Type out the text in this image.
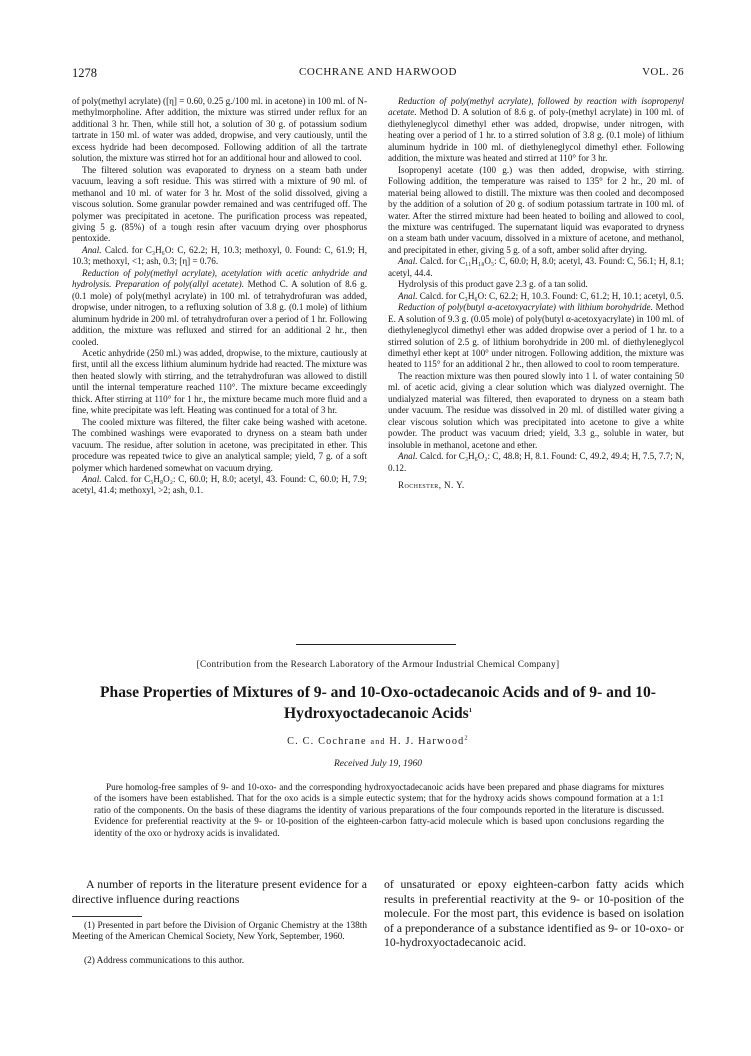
1278	COCHRANE AND HARWOOD	VOL. 26

of poly(methyl acrylate) ([η] = 0.60, 0.25 g./100 ml. in acetone) in 100 ml. of N-methylmorpholine. After addition, the mixture was stirred under reflux for an additional 3 hr. Then, while still hot, a solution of 30 g. of potassium sodium tartrate in 150 ml. of water was added, dropwise, and very cautiously, until the excess hydride had been decomposed. Following addition of all the tartrate solution, the mixture was stirred hot for an additional hour and allowed to cool.

The filtered solution was evaporated to dryness on a steam bath under vacuum, leaving a soft residue. This was stirred with a mixture of 90 ml. of methanol and 10 ml. of water for 3 hr. Most of the solid dissolved, giving a viscous solution. Some granular powder remained and was centrifuged off. The polymer was precipitated in acetone. The purification process was repeated, giving 5 g. (85%) of a tough resin after vacuum drying over phosphorus pentoxide.

Anal. Calcd. for C₃H₆O: C, 62.2; H, 10.3; methoxyl, 0. Found: C, 61.9; H, 10.3; methoxyl, <1; ash, 0.3; [η] = 0.76.

Reduction of poly(methyl acrylate), acetylation with acetic anhydride and hydrolysis. Preparation of poly(allyl acetate). Method C. A solution of 8.6 g. (0.1 mole) of poly(methyl acrylate) in 100 ml. of tetrahydrofuran was added, dropwise, under nitrogen, to a refluxing solution of 3.8 g. (0.1 mole) of lithium aluminum hydride in 200 ml. of tetrahydrofuran over a period of 1 hr. Following addition, the mixture was refluxed and stirred for an additional 2 hr., then cooled.

Acetic anhydride (250 ml.) was added, dropwise, to the mixture, cautiously at first, until all the excess lithium aluminum hydride had reacted. The mixture was then heated slowly with stirring, and the tetrahydrofuran was allowed to distill until the internal temperature reached 110°. The mixture became exceedingly thick. After stirring at 110° for 1 hr., the mixture became much more fluid and a fine, white precipitate was left. Heating was continued for a total of 3 hr.

The cooled mixture was filtered, the filter cake being washed with acetone. The combined washings were evaporated to dryness on a steam bath under vacuum. The residue, after solution in acetone, was precipitated in ether. This procedure was repeated twice to give an analytical sample; yield, 7 g. of a soft polymer which hardened somewhat on vacuum drying.

Anal. Calcd. for C₅H₈O₂: C, 60.0; H, 8.0; acetyl, 43. Found: C, 60.0; H, 7.9; acetyl, 41.4; methoxyl, >2; ash, 0.1.

Reduction of poly(methyl acrylate), followed by reaction with isopropenyl acetate. Method D. A solution of 8.6 g. of poly-(methyl acrylate) in 100 ml. of diethyleneglycol dimethyl ether was added, dropwise, under nitrogen, with heating over a period of 1 hr. to a stirred solution of 3.8 g. (0.1 mole) of lithium aluminum hydride in 100 ml. of diethyleneglycol dimethyl ether. Following addition, the mixture was heated and stirred at 110° for 3 hr.

Isopropenyl acetate (100 g.) was then added, dropwise, with stirring. Following addition, the temperature was raised to 135° for 2 hr., 20 ml. of material being allowed to distill. The mixture was then cooled and decomposed by the addition of a solution of 20 g. of sodium potassium tartrate in 100 ml. of water. After the stirred mixture had been heated to boiling and allowed to cool, the mixture was centrifuged. The supernatant liquid was evaporated to dryness on a steam bath under vacuum, dissolved in a mixture of acetone, and methanol, and precipitated in ether, giving 5 g. of a soft, amber solid after drying.

Anal. Calcd. for C₁₁H₁₈O₅: C, 60.0; H, 8.0; acetyl, 43. Found: C, 56.1; H, 8.1; acetyl, 44.4.

Hydrolysis of this product gave 2.3 g. of a tan solid.

Anal. Calcd. for C₃H₆O: C, 62.2; H, 10.3. Found: C, 61.2; H, 10.1; acetyl, 0.5.

Reduction of poly(butyl α-acetoxyacrylate) with lithium borohydride. Method E. A solution of 9.3 g. (0.05 mole) of poly(butyl α-acetoxyacrylate) in 100 ml. of diethyleneglycol dimethyl ether was added dropwise over a period of 1 hr. to a stirred solution of 2.5 g. of lithium borohydride in 200 ml. of diethyleneglycol dimethyl ether kept at 100° under nitrogen. Following addition, the mixture was heated to 115° for an additional 2 hr., then allowed to cool to room temperature.

The reaction mixture was then poured slowly into 1 l. of water containing 50 ml. of acetic acid, giving a clear solution which was dialyzed overnight. The undialyzed material was filtered, then evaporated to dryness on a steam bath under vacuum. The residue was dissolved in 20 ml. of distilled water giving a clear viscous solution which was precipitated into acetone to give a white powder. The product was vacuum dried; yield, 3.3 g., soluble in water, but insoluble in methanol, acetone and ether.

Anal. Calcd. for C₃H₆O₂: C, 48.8; H, 8.1. Found: C, 49.2, 49.4; H, 7.5, 7.7; N, 0.12.

Rochester, N. Y.

[Contribution from the Research Laboratory of the Armour Industrial Chemical Company]
Phase Properties of Mixtures of 9- and 10-Oxo-octadecanoic Acids and of 9- and 10-Hydroxyoctadecanoic Acids$^1$
C. C. Cochrane and H. J. Harwood$^2$
Received July 19, 1960
Pure homolog-free samples of 9- and 10-oxo- and the corresponding hydroxyoctadecanoic acids have been prepared and phase diagrams for mixtures of the isomers have been established. That for the oxo acids is a simple eutectic system; that for the hydroxy acids shows compound formation at a 1:1 ratio of the components. On the basis of these diagrams the identity of various preparations of the four compounds reported in the literature is discussed. Evidence for preferential reactivity at the 9- or 10-position of the eighteen-carbon fatty-acid molecule which is based upon conclusions regarding the identity of the oxo or hydroxy acids is invalidated.
A number of reports in the literature present evidence for a directive influence during reactions
of unsaturated or epoxy eighteen-carbon fatty acids which results in preferential reactivity at the 9- or 10-position of the molecule. For the most part, this evidence is based on isolation of a preponderance of a substance identified as 9- or 10-oxo- or 10-hydroxyoctadecanoic acid.
(1) Presented in part before the Division of Organic Chemistry at the 138th Meeting of the American Chemical Society, New York, September, 1960.
(2) Address communications to this author.
